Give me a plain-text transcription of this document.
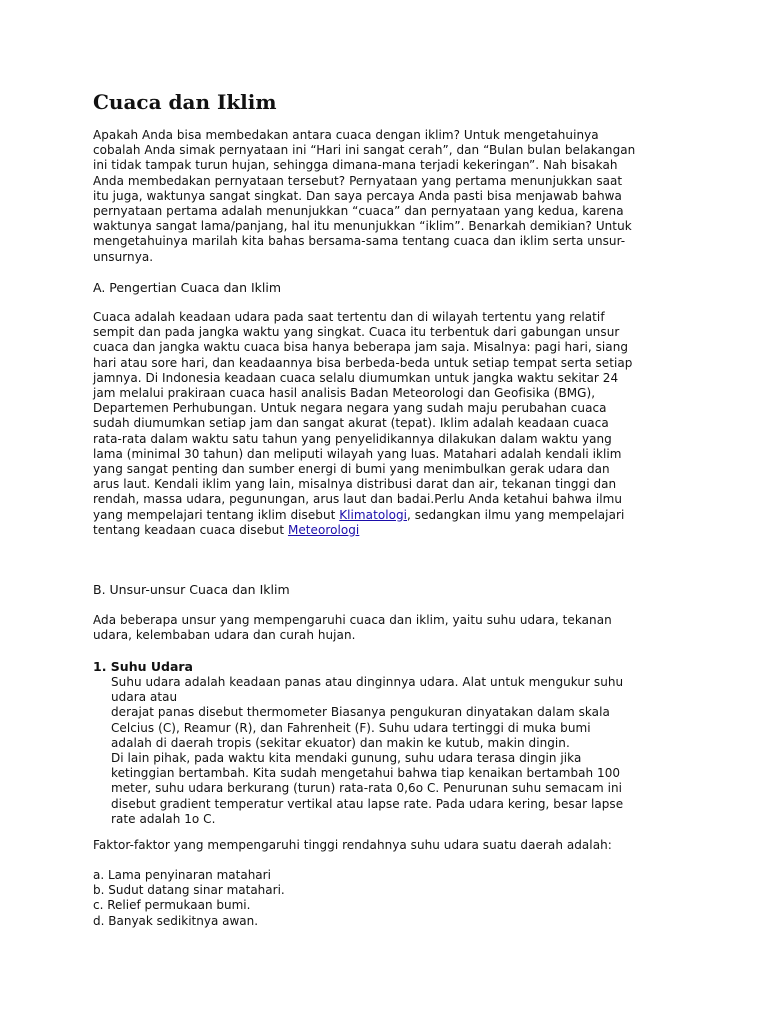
Cuaca dan Iklim

Apakah Anda bisa membedakan antara cuaca dengan iklim? Untuk mengetahuinya
cobalah Anda simak pernyataan ini “Hari ini sangat cerah”, dan “Bulan bulan belakangan
ini tidak tampak turun hujan, sehingga dimana-mana terjadi kekeringan”. Nah bisakah
Anda membedakan pernyataan tersebut? Pernyataan yang pertama menunjukkan saat
itu juga, waktunya sangat singkat. Dan saya percaya Anda pasti bisa menjawab bahwa
pernyataan pertama adalah menunjukkan “cuaca” dan pernyataan yang kedua, karena
waktunya sangat lama/panjang, hal itu menunjukkan “iklim”. Benarkah demikian? Untuk
mengetahuinya marilah kita bahas bersama-sama tentang cuaca dan iklim serta unsur-
unsurnya.

A. Pengertian Cuaca dan Iklim

Cuaca adalah keadaan udara pada saat tertentu dan di wilayah tertentu yang relatif
sempit dan pada jangka waktu yang singkat. Cuaca itu terbentuk dari gabungan unsur
cuaca dan jangka waktu cuaca bisa hanya beberapa jam saja. Misalnya: pagi hari, siang
hari atau sore hari, dan keadaannya bisa berbeda-beda untuk setiap tempat serta setiap
jamnya. Di Indonesia keadaan cuaca selalu diumumkan untuk jangka waktu sekitar 24
jam melalui prakiraan cuaca hasil analisis Badan Meteorologi dan Geofisika (BMG),
Departemen Perhubungan. Untuk negara negara yang sudah maju perubahan cuaca
sudah diumumkan setiap jam dan sangat akurat (tepat). Iklim adalah keadaan cuaca
rata-rata dalam waktu satu tahun yang penyelidikannya dilakukan dalam waktu yang
lama (minimal 30 tahun) dan meliputi wilayah yang luas. Matahari adalah kendali iklim
yang sangat penting dan sumber energi di bumi yang menimbulkan gerak udara dan
arus laut. Kendali iklim yang lain, misalnya distribusi darat dan air, tekanan tinggi dan
rendah, massa udara, pegunungan, arus laut dan badai.Perlu Anda ketahui bahwa ilmu
yang mempelajari tentang iklim disebut Klimatologi, sedangkan ilmu yang mempelajari
tentang keadaan cuaca disebut Meteorologi

B. Unsur-unsur Cuaca dan Iklim

Ada beberapa unsur yang mempengaruhi cuaca dan iklim, yaitu suhu udara, tekanan
udara, kelembaban udara dan curah hujan.

1. Suhu Udara

Suhu udara adalah keadaan panas atau dinginnya udara. Alat untuk mengukur suhu
udara atau
derajat panas disebut thermometer Biasanya pengukuran dinyatakan dalam skala
Celcius (C), Reamur (R), dan Fahrenheit (F). Suhu udara tertinggi di muka bumi
adalah di daerah tropis (sekitar ekuator) dan makin ke kutub, makin dingin.
Di lain pihak, pada waktu kita mendaki gunung, suhu udara terasa dingin jika
ketinggian bertambah. Kita sudah mengetahui bahwa tiap kenaikan bertambah 100
meter, suhu udara berkurang (turun) rata-rata 0,6o C. Penurunan suhu semacam ini
disebut gradient temperatur vertikal atau lapse rate. Pada udara kering, besar lapse
rate adalah 1o C.

Faktor-faktor yang mempengaruhi tinggi rendahnya suhu udara suatu daerah adalah:

a. Lama penyinaran matahari
b. Sudut datang sinar matahari.
c. Relief permukaan bumi.
d. Banyak sedikitnya awan.
